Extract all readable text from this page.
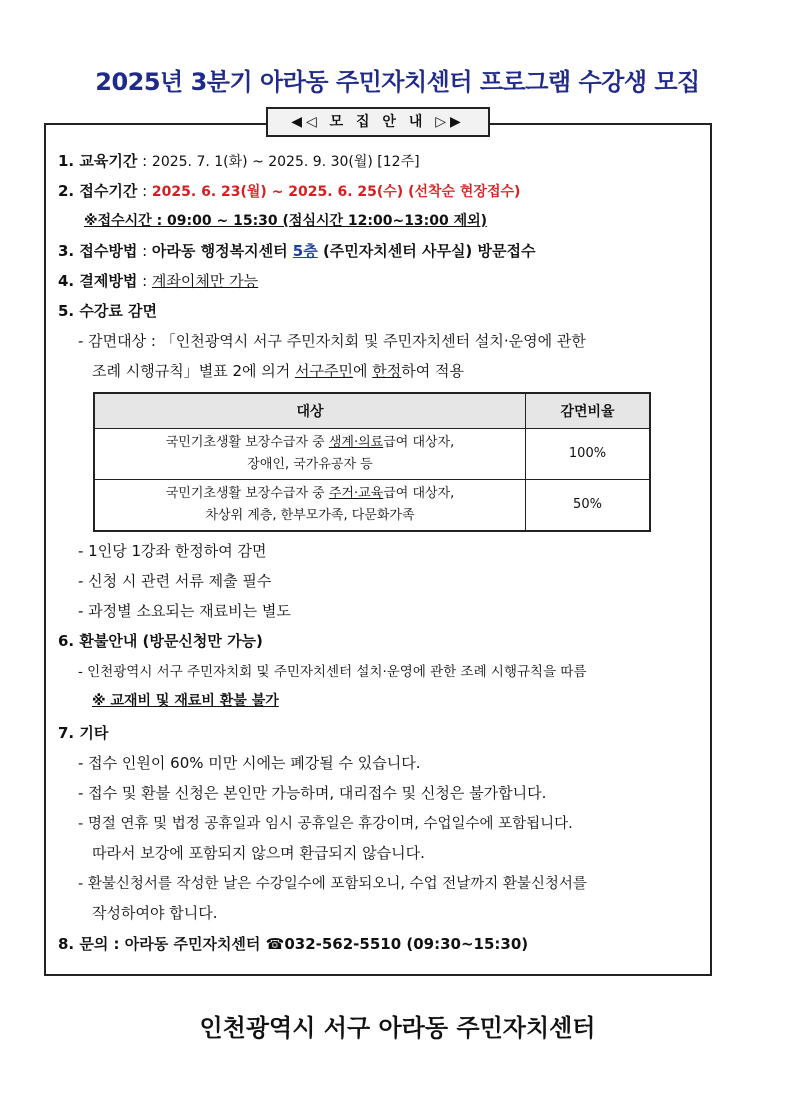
2025년 3분기 아라동 주민자치센터 프로그램 수강생 모집
◀◁ 모 집 안 내 ▷▶
1. 교육기간 : 2025. 7. 1(화) ~ 2025. 9. 30(월) [12주]
2. 접수기간 : 2025. 6. 23(월) ~ 2025. 6. 25(수) (선착순 현장접수)
※접수시간 : 09:00 ~ 15:30 (점심시간 12:00~13:00 제외)
3. 접수방법 : 아라동 행정복지센터 5층 (주민자치센터 사무실) 방문접수
4. 결제방법 : 계좌이체만 가능
5. 수강료 감면
- 감면대상 : 「인천광역시 서구 주민자치회 및 주민자치센터 설치·운영에 관한
조례 시행규칙」별표 2에 의거 서구주민에 한정하여 적용
대상	감면비율
국민기초생활 보장수급자 중 생계·의료급여 대상자,
장애인, 국가유공자 등	100%
국민기초생활 보장수급자 중 주거·교육급여 대상자,
차상위 계층, 한부모가족, 다문화가족	50%
- 1인당 1강좌 한정하여 감면
- 신청 시 관련 서류 제출 필수
- 과정별 소요되는 재료비는 별도
6. 환불안내 (방문신청만 가능)
- 인천광역시 서구 주민자치회 및 주민자치센터 설치·운영에 관한 조례 시행규칙을 따름
※ 교재비 및 재료비 환불 불가
7. 기타
- 접수 인원이 60% 미만 시에는 폐강될 수 있습니다.
- 접수 및 환불 신청은 본인만 가능하며, 대리접수 및 신청은 불가합니다.
- 명절 연휴 및 법정 공휴일과 임시 공휴일은 휴강이며, 수업일수에 포함됩니다.
따라서 보강에 포함되지 않으며 환급되지 않습니다.
- 환불신청서를 작성한 날은 수강일수에 포함되오니, 수업 전날까지 환불신청서를
작성하여야 합니다.
8. 문의 : 아라동 주민자치센터 ☎032-562-5510 (09:30~15:30)
인천광역시 서구 아라동 주민자치센터
